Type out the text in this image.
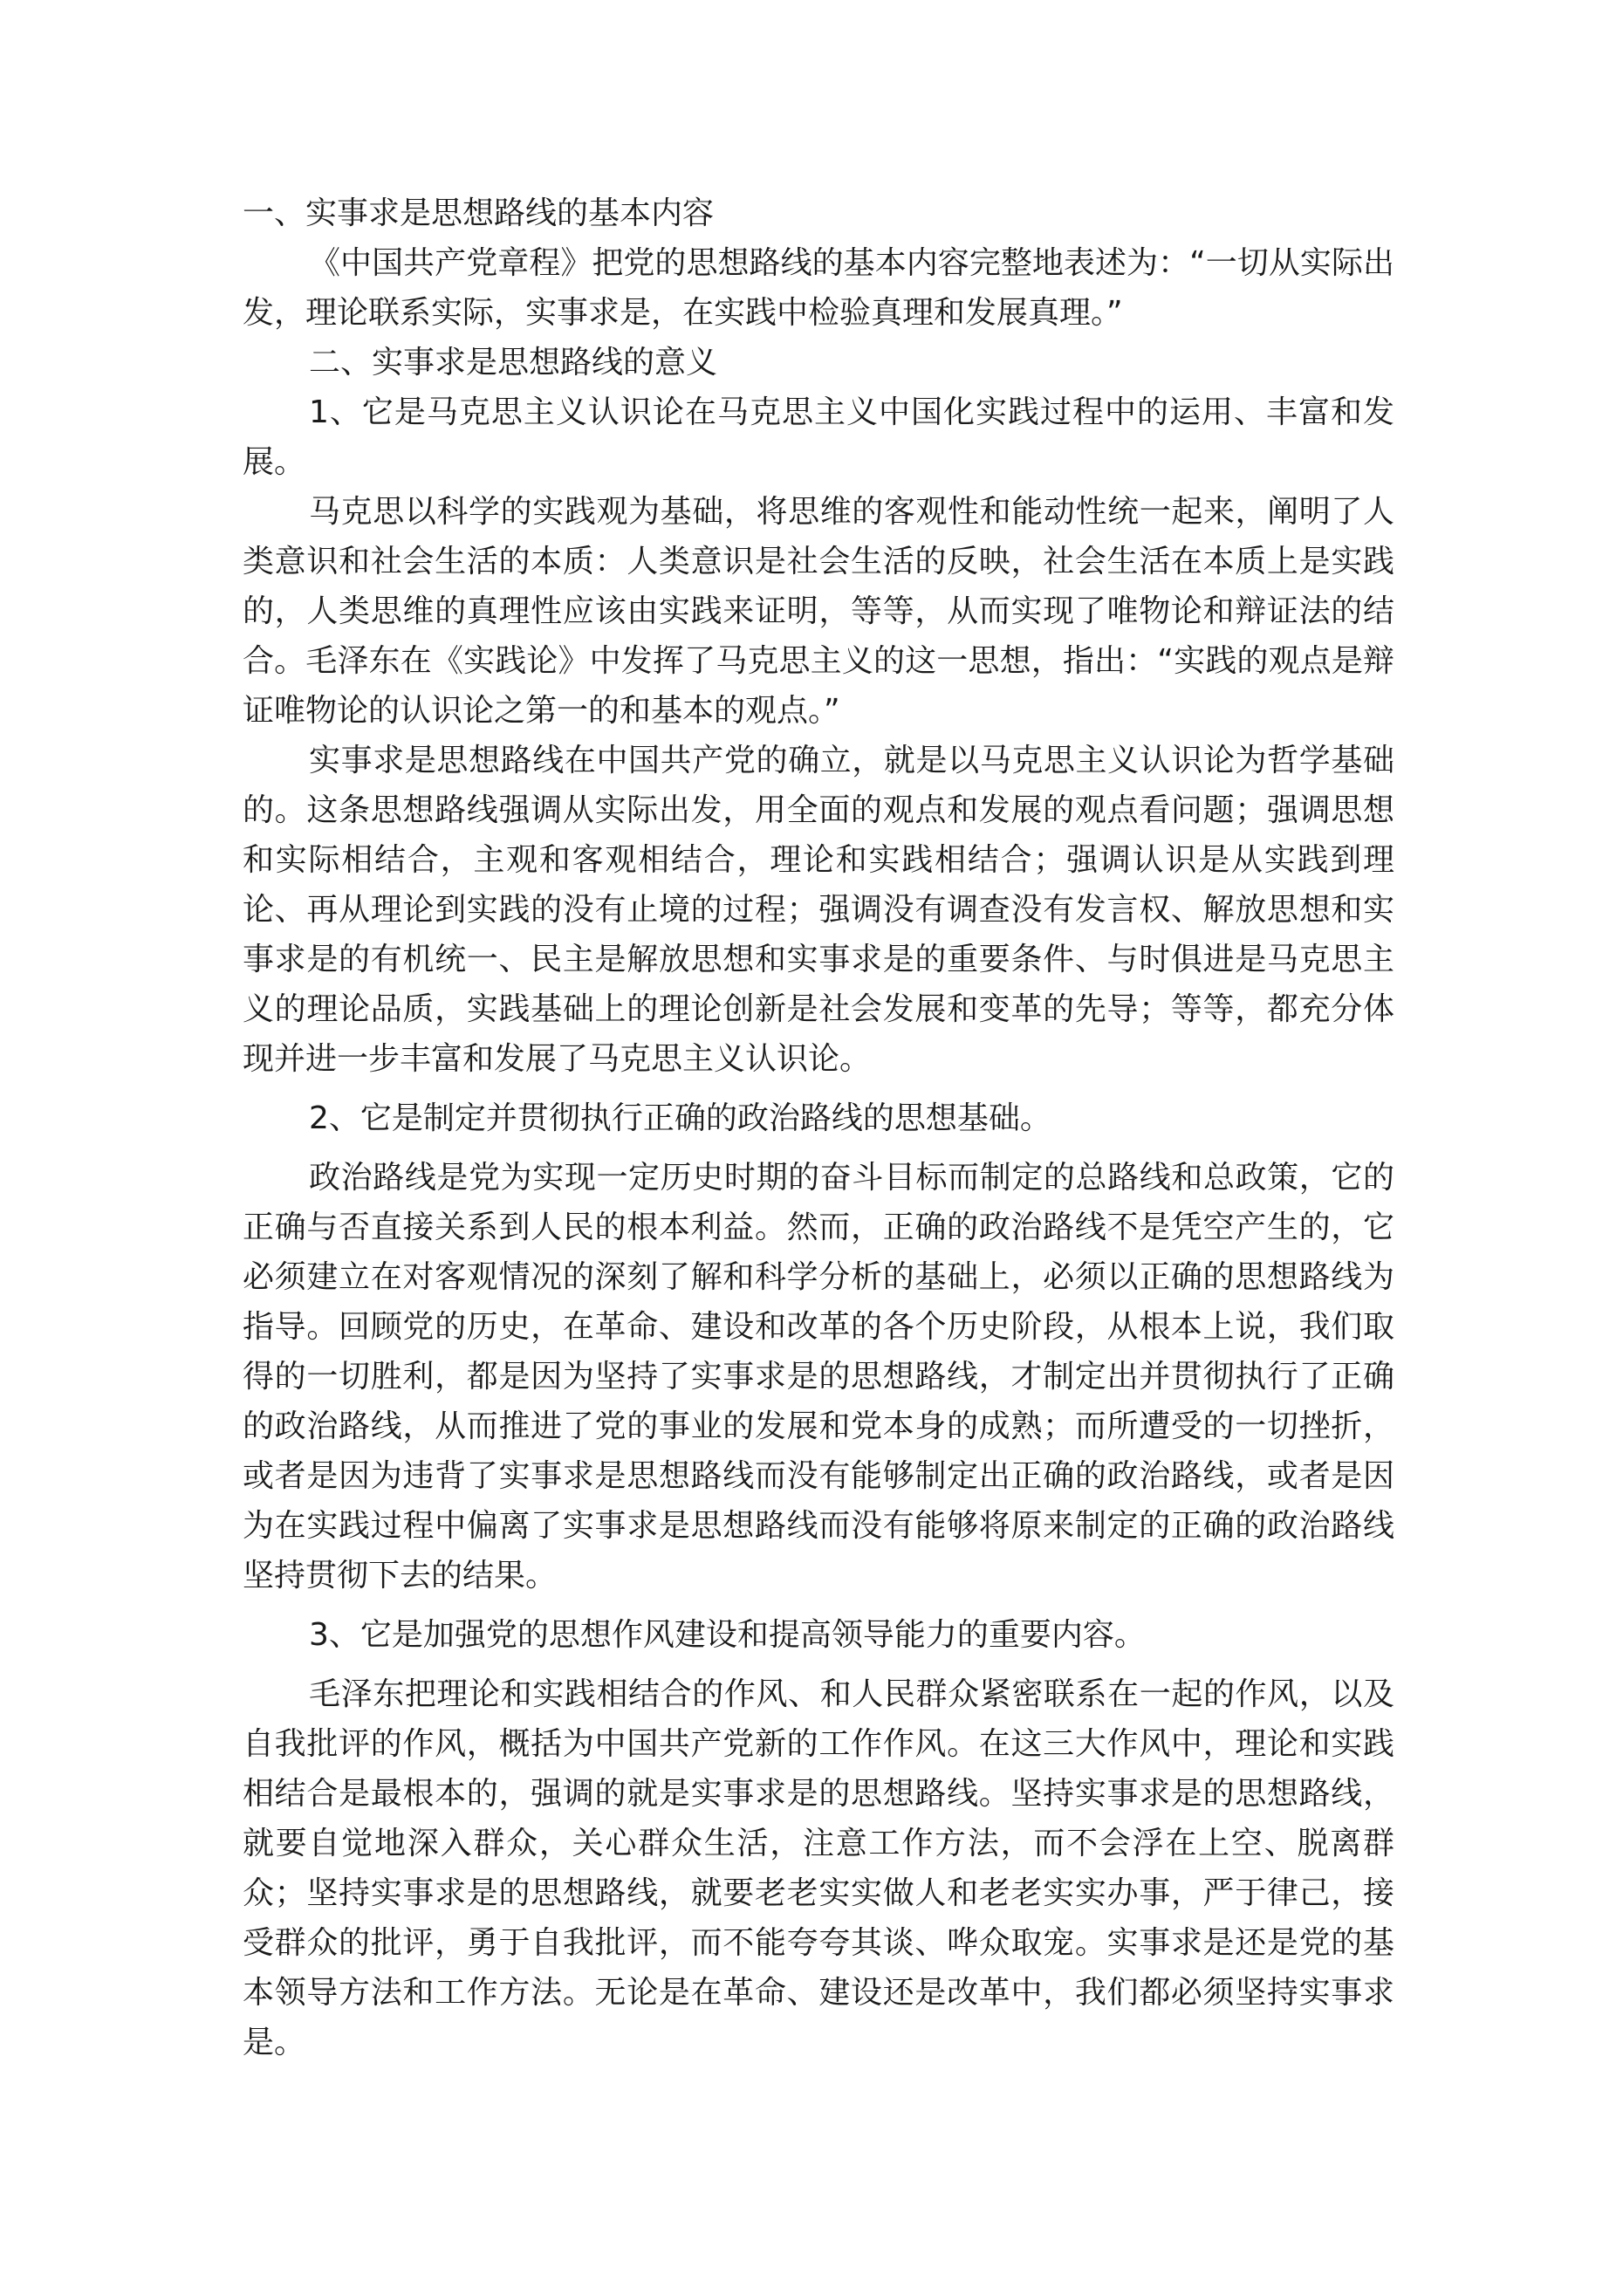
一、实事求是思想路线的基本内容

《中国共产党章程》把党的思想路线的基本内容完整地表述为：“一切从实际出发，理论联系实际，实事求是，在实践中检验真理和发展真理。”

二、实事求是思想路线的意义

1、它是马克思主义认识论在马克思主义中国化实践过程中的运用、丰富和发展。

马克思以科学的实践观为基础，将思维的客观性和能动性统一起来，阐明了人类意识和社会生活的本质：人类意识是社会生活的反映，社会生活在本质上是实践的，人类思维的真理性应该由实践来证明，等等，从而实现了唯物论和辩证法的结合。毛泽东在《实践论》中发挥了马克思主义的这一思想，指出：“实践的观点是辩证唯物论的认识论之第一的和基本的观点。”

实事求是思想路线在中国共产党的确立，就是以马克思主义认识论为哲学基础的。这条思想路线强调从实际出发，用全面的观点和发展的观点看问题；强调思想和实际相结合，主观和客观相结合，理论和实践相结合；强调认识是从实践到理论、再从理论到实践的没有止境的过程；强调没有调查没有发言权、解放思想和实事求是的有机统一、民主是解放思想和实事求是的重要条件、与时俱进是马克思主义的理论品质，实践基础上的理论创新是社会发展和变革的先导；等等，都充分体现并进一步丰富和发展了马克思主义认识论。

2、它是制定并贯彻执行正确的政治路线的思想基础。

政治路线是党为实现一定历史时期的奋斗目标而制定的总路线和总政策，它的正确与否直接关系到人民的根本利益。然而，正确的政治路线不是凭空产生的，它必须建立在对客观情况的深刻了解和科学分析的基础上，必须以正确的思想路线为指导。回顾党的历史，在革命、建设和改革的各个历史阶段，从根本上说，我们取得的一切胜利，都是因为坚持了实事求是的思想路线，才制定出并贯彻执行了正确的政治路线，从而推进了党的事业的发展和党本身的成熟；而所遭受的一切挫折，或者是因为违背了实事求是思想路线而没有能够制定出正确的政治路线，或者是因为在实践过程中偏离了实事求是思想路线而没有能够将原来制定的正确的政治路线坚持贯彻下去的结果。

3、它是加强党的思想作风建设和提高领导能力的重要内容。

毛泽东把理论和实践相结合的作风、和人民群众紧密联系在一起的作风，以及自我批评的作风，概括为中国共产党新的工作作风。在这三大作风中，理论和实践相结合是最根本的，强调的就是实事求是的思想路线。坚持实事求是的思想路线，就要自觉地深入群众，关心群众生活，注意工作方法，而不会浮在上空、脱离群众；坚持实事求是的思想路线，就要老老实实做人和老老实实办事，严于律己，接受群众的批评，勇于自我批评，而不能夸夸其谈、哗众取宠。实事求是还是党的基本领导方法和工作方法。无论是在革命、建设还是改革中，我们都必须坚持实事求是。
